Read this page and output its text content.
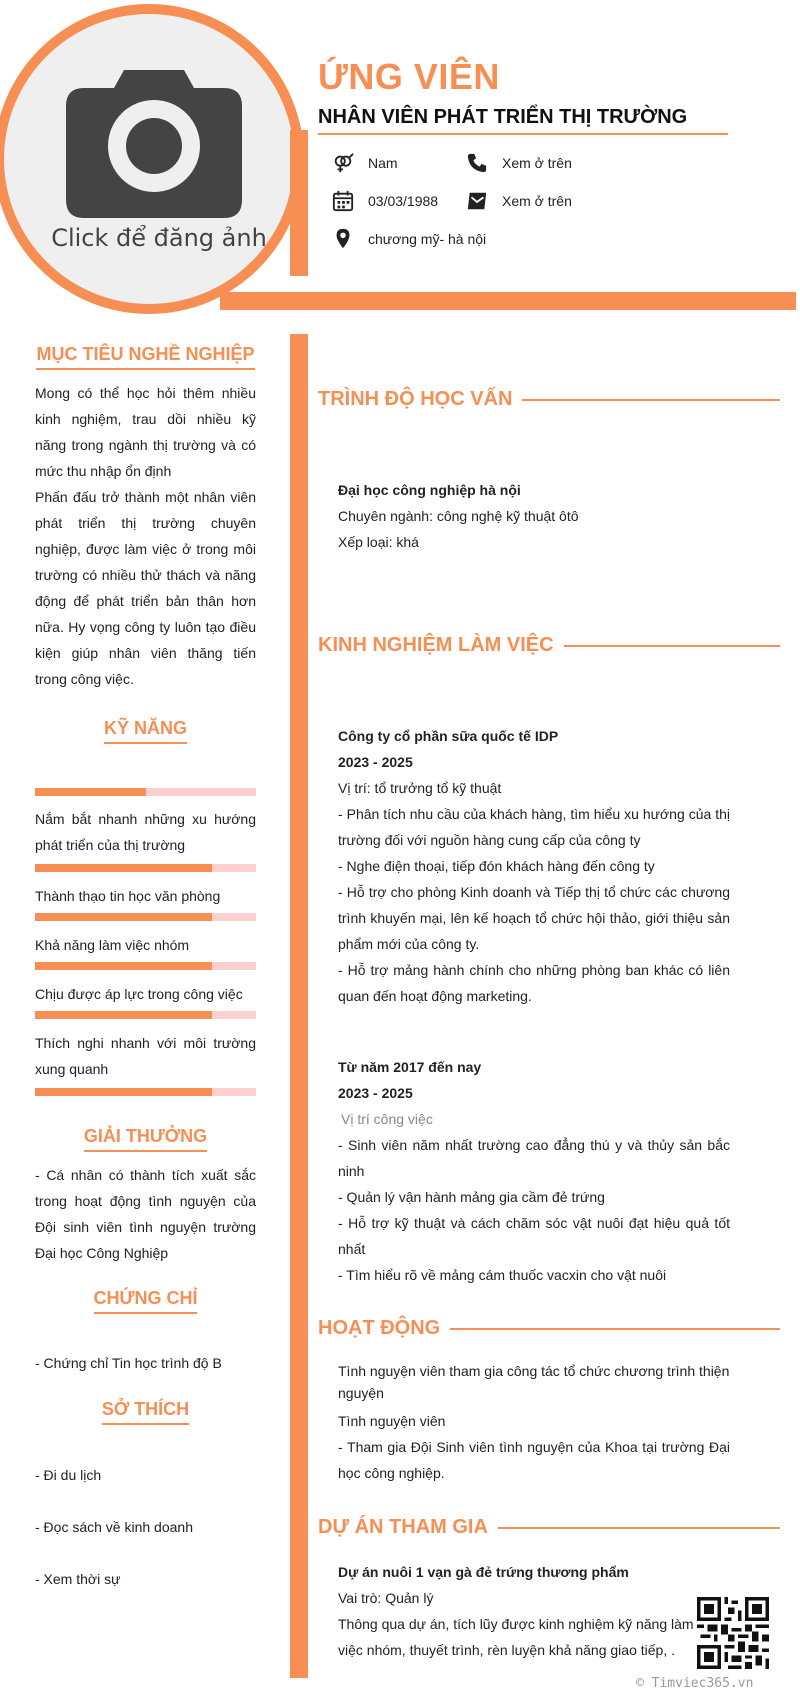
Click để đăng ảnh
ỨNG VIÊN
NHÂN VIÊN PHÁT TRIỂN THỊ TRƯỜNG
Nam	Xem ở trên
03/03/1988	Xem ở trên
chương mỹ- hà nội
MỤC TIÊU NGHỀ NGHIỆP
Mong có thể học hỏi thêm nhiều kinh nghiệm, trau dồi nhiều kỹ năng trong ngành thị trường và có mức thu nhập ổn định
Phấn đấu trở thành một nhân viên phát triển thị trường chuyên nghiệp, được làm việc ở trong môi trường có nhiều thử thách và năng động để phát triển bản thân hơn nữa. Hy vọng công ty luôn tạo điều kiện giúp nhân viên thăng tiến trong công việc.
KỸ NĂNG
Nắm bắt nhanh những xu hướng phát triển của thị trường
Thành thạo tin học văn phòng
Khả năng làm việc nhóm
Chịu được áp lực trong công việc
Thích nghi nhanh với môi trường xung quanh
GIẢI THƯỞNG
- Cá nhân có thành tích xuất sắc trong hoạt động tình nguyện của Đội sinh viên tình nguyện trường Đại học Công Nghiệp
CHỨNG CHỈ
- Chứng chỉ Tin học trình độ B
SỞ THÍCH

- Đi du lịch

- Đọc sách về kinh doanh

- Xem thời sự

TRÌNH ĐỘ HỌC VẤN
Đại học công nghiệp hà nội
Chuyên ngành: công nghệ kỹ thuật ôtô
Xếp loại: khá
KINH NGHIỆM LÀM VIỆC
Công ty cổ phần sữa quốc tế IDP
2023 - 2025
Vị trí: tổ trưởng tổ kỹ thuật
- Phân tích nhu cầu của khách hàng, tìm hiểu xu hướng của thị trường đối với nguồn hàng cung cấp của công ty
- Nghe điện thoại, tiếp đón khách hàng đến công ty
- Hỗ trợ cho phòng Kinh doanh và Tiếp thị tổ chức các chương trình khuyến mại, lên kế hoạch tổ chức hội thảo, giới thiệu sản phẩm mới của công ty.
- Hỗ trợ mảng hành chính cho những phòng ban khác có liên quan đến hoạt động marketing.
Từ năm 2017 đến nay
2023 - 2025
Vị trí công việc
- Sinh viên năm nhất trường cao đẳng thú y và thủy sản bắc ninh
- Quản lý vận hành mảng gia cầm đẻ trứng
- Hỗ trợ kỹ thuật và cách chăm sóc vật nuôi đạt hiệu quả tốt nhất
- Tìm hiểu rõ về mảng cám thuốc vacxin cho vật nuôi
HOẠT ĐỘNG
Tình nguyện viên tham gia công tác tổ chức chương trình thiện nguyện
Tình nguyện viên
- Tham gia Đội Sinh viên tình nguyện của Khoa tại trường Đại học công nghiệp.
DỰ ÁN THAM GIA
Dự án nuôi 1 vạn gà đẻ trứng thương phẩm
Vai trò: Quản lý
Thông qua dự án, tích lũy được kinh nghiệm kỹ năng làm việc nhóm, thuyết trình, rèn luyện khả năng giao tiếp, .
© Timviec365.vn
